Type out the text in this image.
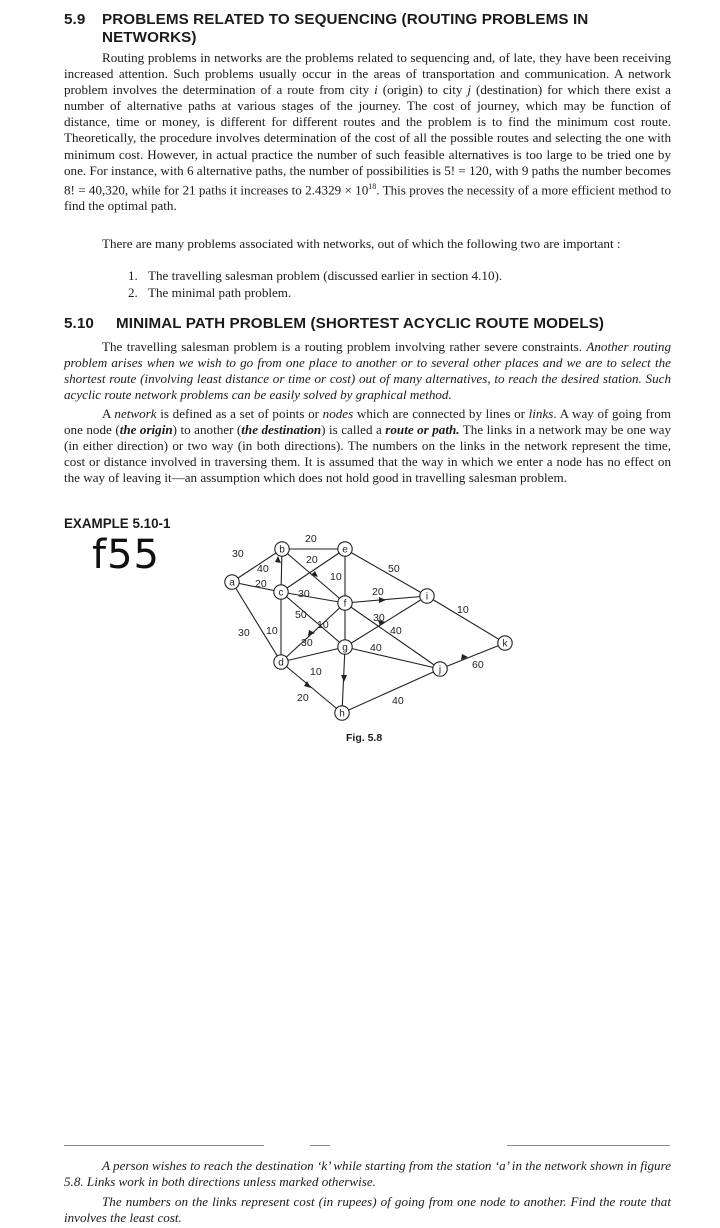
5.9 PROBLEMS RELATED TO SEQUENCING (ROUTING PROBLEMS IN
NETWORKS)

Routing problems in networks are the problems related to sequencing and, of late, they have been receiving increased attention. Such problems usually occur in the areas of transportation and communication. A network problem involves the determination of a route from city i (origin) to city j (destination) for which there exist a number of alternative paths at various stages of the journey. The cost of journey, which may be function of distance, time or money, is different for different routes and the problem is to find the minimum cost route. Theoretically, the procedure involves determination of the cost of all the possible routes and selecting the one with minimum cost. However, in actual practice the number of such feasible alternatives is too large to be tried one by one. For instance, with 6 alternative paths, the number of possibilities is 5! = 120, with 9 paths the number becomes 8! = 40,320, while for 21 paths it increases to $2.4329 \times 10^{18}$. This proves the necessity of a more efficient method to find the optimal path.

There are many problems associated with networks, out of which the following two are important :

1. The travelling salesman problem (discussed earlier in section 4.10).
2. The minimal path problem.
5.10 MINIMAL PATH PROBLEM (SHORTEST ACYCLIC ROUTE MODELS)

The travelling salesman problem is a routing problem involving rather severe constraints. Another routing problem arises when we wish to go from one place to another or to several other places and we are to select the shortest route (involving least distance or time or cost) out of many alternatives, to reach the desired station. Such acyclic route network problems can be easily solved by graphical method.

A network is defined as a set of points or nodes which are connected by lines or links. A way of going from one node (the origin) to another (the destination) is called a route or path. The links in a network may be one way (in either direction) or two way (in both directions). The numbers on the links in the network represent the time, cost or distance involved in traversing them. It is assumed that the way in which we enter a node has no effect on the way of leaving it—an assumption which does not hold good in travelling salesman problem.

EXAMPLE 5.10-1
f55	30
20
30
20
40
20
10
30
50
10	10
30
20
50
20
30
40
10
40
40
10
60
a
b
c
d
e
f
g
h
i
j
k
Fig. 5.8

A person wishes to reach the destination ‘k’ while starting from the station ‘a’ in the network shown in figure 5.8. Links work in both directions unless marked otherwise.

The numbers on the links represent cost (in rupees) of going from one node to another. Find the route that involves the least cost.
